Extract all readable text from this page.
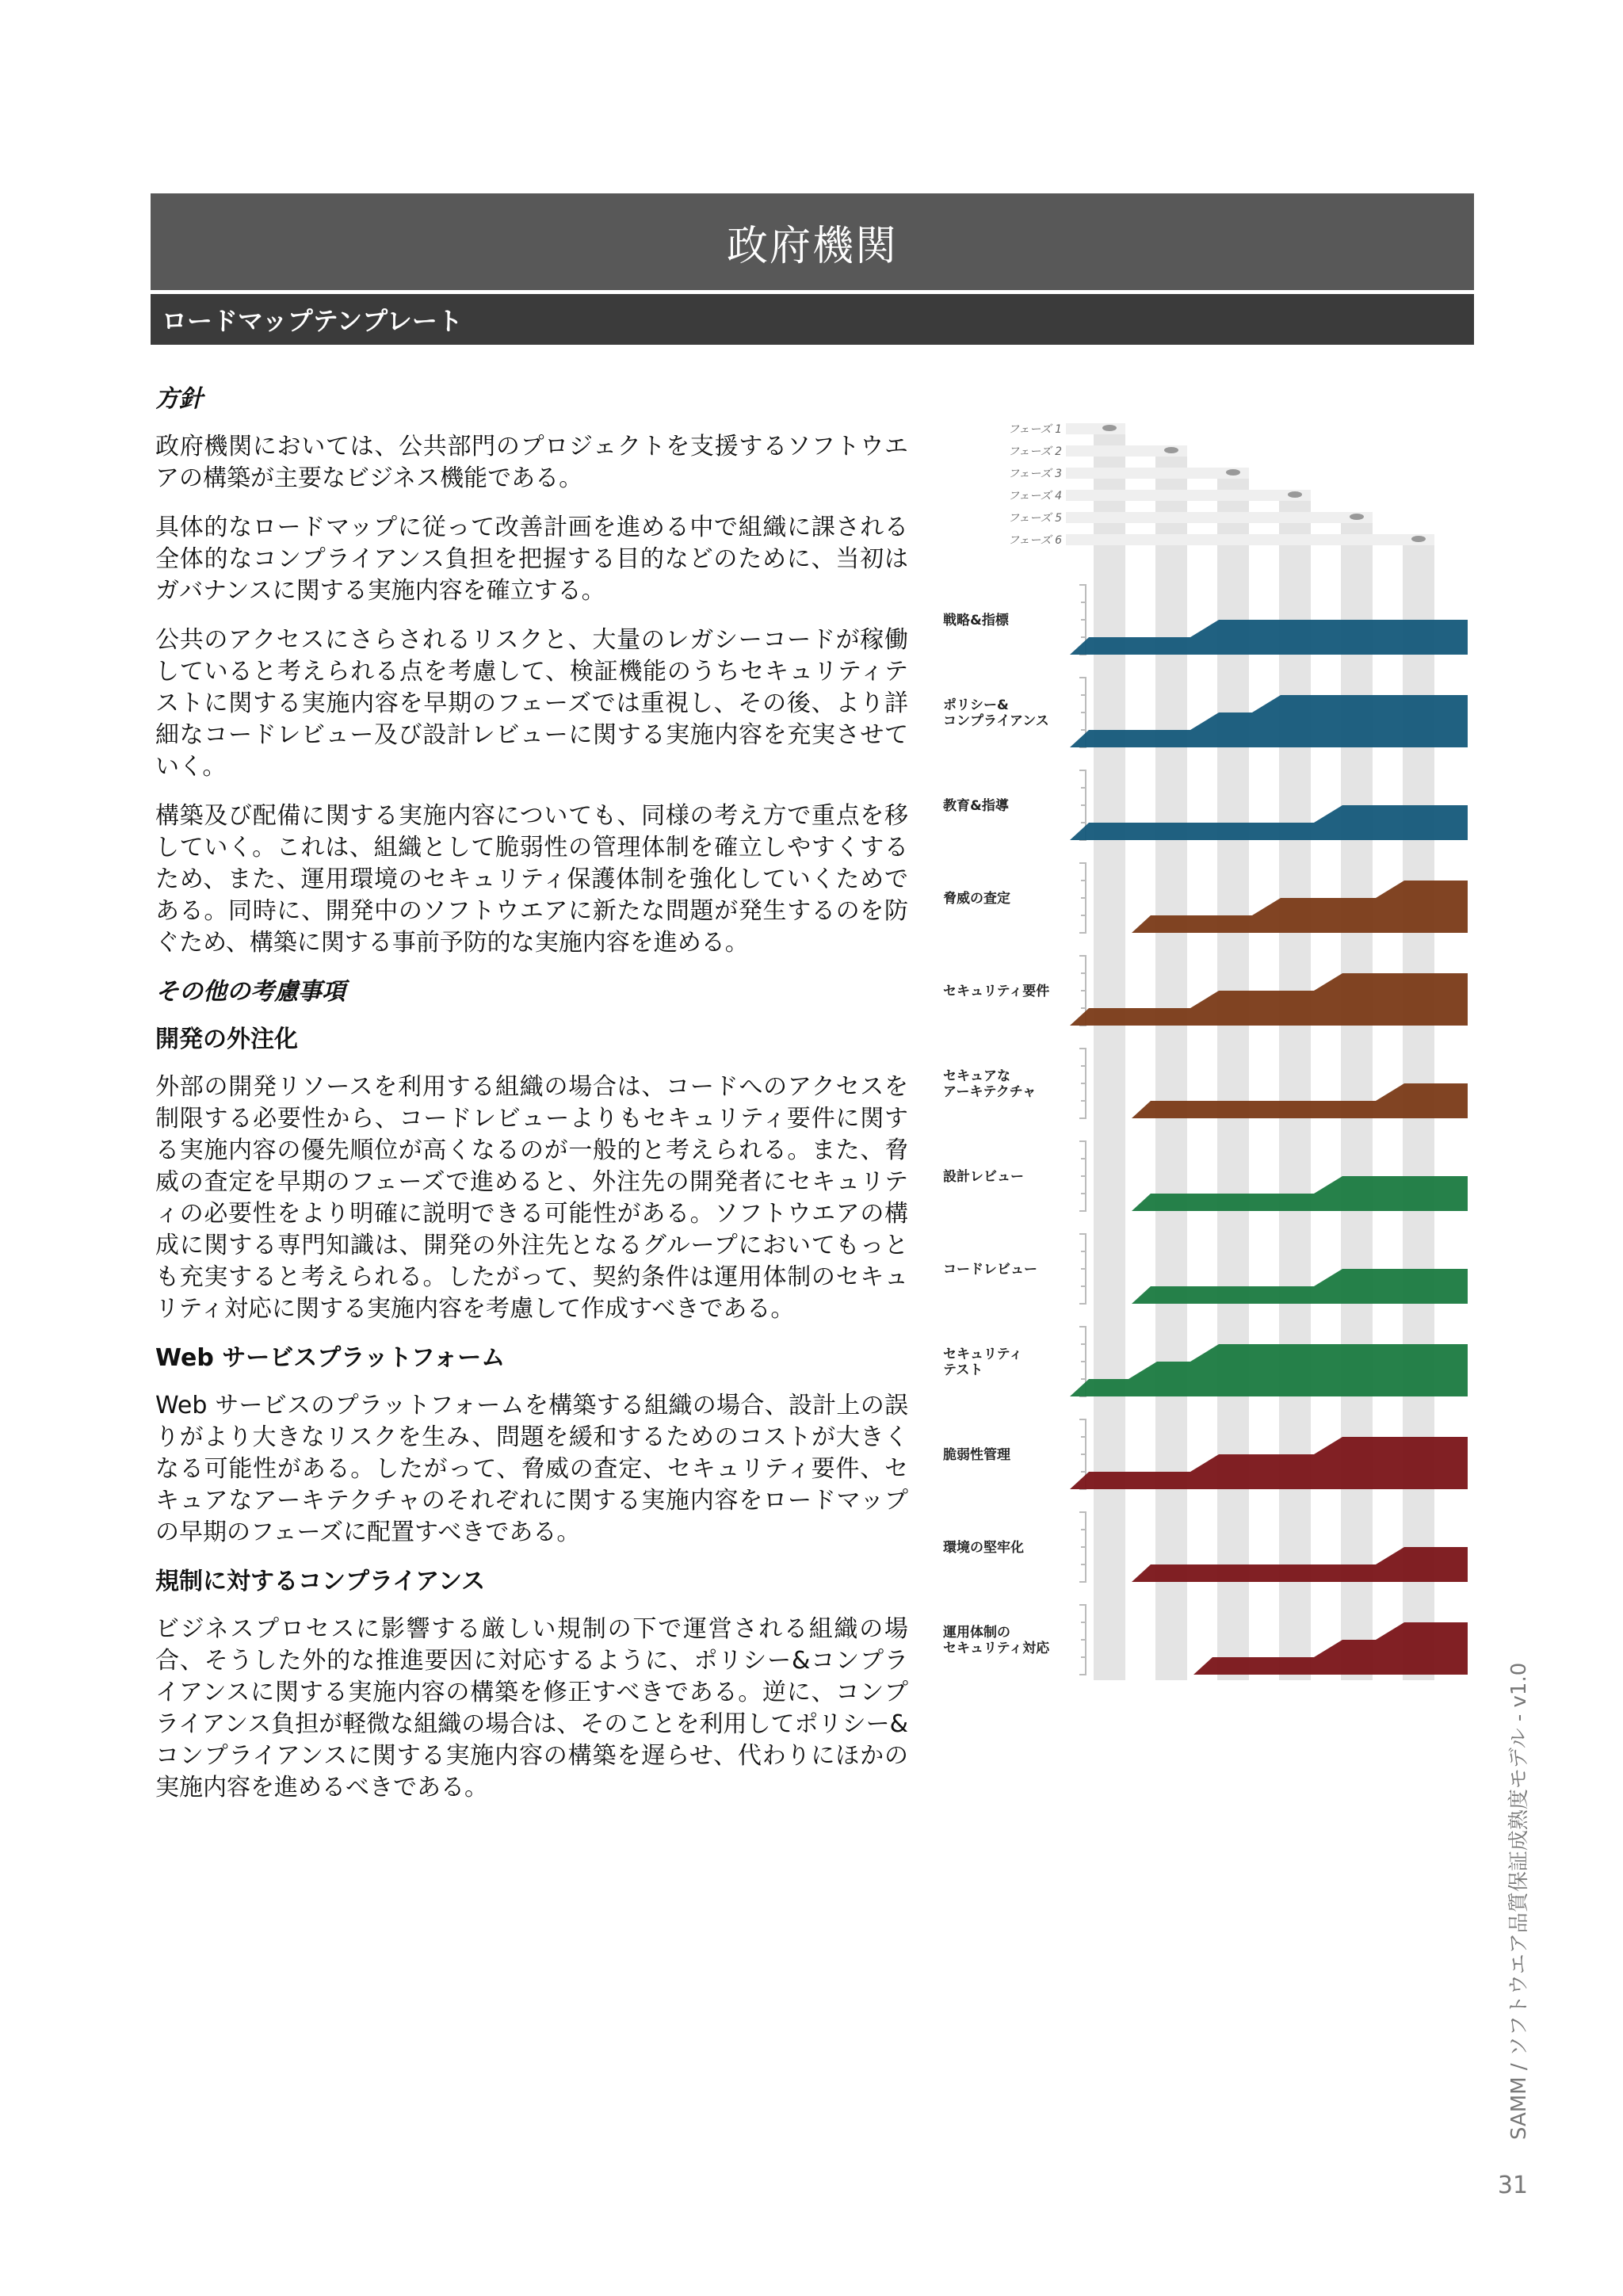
政府機関
ロードマップテンプレート
方針

政府機関においては、公共部門のプロジェクトを支援するソフトウエアの構築が主要なビジネス機能である。

具体的なロードマップに従って改善計画を進める中で組織に課される全体的なコンプライアンス負担を把握する目的などのために、当初はガバナンスに関する実施内容を確立する。

公共のアクセスにさらされるリスクと、大量のレガシーコードが稼働していると考えられる点を考慮して、検証機能のうちセキュリティテストに関する実施内容を早期のフェーズでは重視し、その後、より詳細なコードレビュー及び設計レビューに関する実施内容を充実させていく。

構築及び配備に関する実施内容についても、同様の考え方で重点を移していく。これは、組織として脆弱性の管理体制を確立しやすくするため、また、運用環境のセキュリティ保護体制を強化していくためである。同時に、開発中のソフトウエアに新たな問題が発生するのを防ぐため、構築に関する事前予防的な実施内容を進める。

その他の考慮事項
開発の外注化

外部の開発リソースを利用する組織の場合は、コードへのアクセスを制限する必要性から、コードレビューよりもセキュリティ要件に関する実施内容の優先順位が高くなるのが一般的と考えられる。また、脅威の査定を早期のフェーズで進めると、外注先の開発者にセキュリティの必要性をより明確に説明できる可能性がある。ソフトウエアの構成に関する専門知識は、開発の外注先となるグループにおいてもっとも充実すると考えられる。したがって、契約条件は運用体制のセキュリティ対応に関する実施内容を考慮して作成すべきである。

Web サービスプラットフォーム

Web サービスのプラットフォームを構築する組織の場合、設計上の誤りがより大きなリスクを生み、問題を緩和するためのコストが大きくなる可能性がある。したがって、脅威の査定、セキュリティ要件、セキュアなアーキテクチャのそれぞれに関する実施内容をロードマップの早期のフェーズに配置すべきである。

規制に対するコンプライアンス

ビジネスプロセスに影響する厳しい規制の下で運営される組織の場合、そうした外的な推進要因に対応するように、ポリシー&コンプライアンスに関する実施内容の構築を修正すべきである。逆に、コンプライアンス負担が軽微な組織の場合は、そのことを利用してポリシー&コンプライアンスに関する実施内容の構築を遅らせ、代わりにほかの実施内容を進めるべきである。

フェーズ 1
フェーズ 2
フェーズ 3
フェーズ 4
フェーズ 5
フェーズ 6
戦略&指標
ポリシー&
コンプライアンス
教育&指導
脅威の査定
セキュリティ要件
セキュアな
アーキテクチャ
設計レビュー
コードレビュー
セキュリティ
テスト
脆弱性管理
環境の堅牢化
運用体制の
セキュリティ対応
SAMM / ソフトウエア品質保証成熟度モデル - v1.0
31
